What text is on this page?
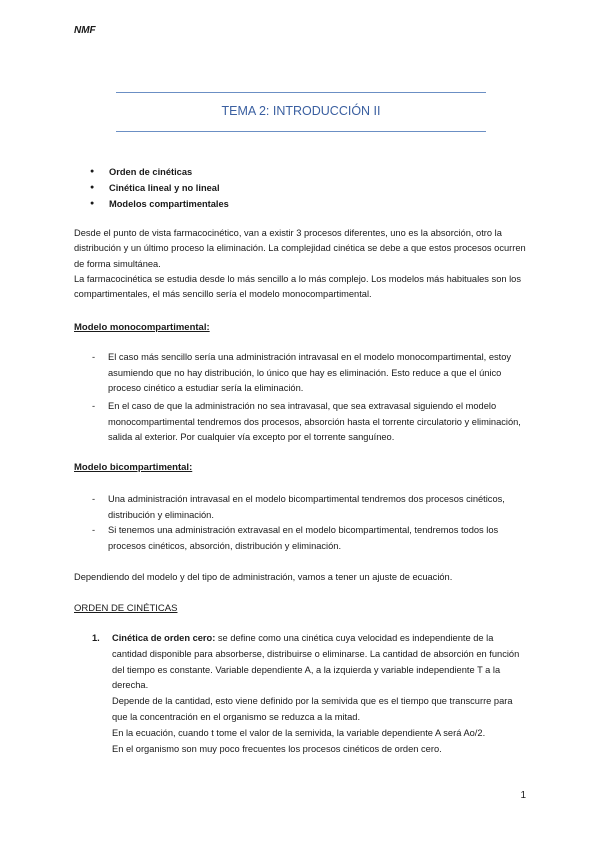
NMF
TEMA 2: INTRODUCCIÓN II
● Orden de cinéticas
● Cinética lineal y no lineal
● Modelos compartimentales

Desde el punto de vista farmacocinético, van a existir 3 procesos diferentes, uno es la absorción, otro la distribución y un último proceso la eliminación. La complejidad cinética se debe a que estos procesos ocurren de forma simultánea.

La farmacocinética se estudia desde lo más sencillo a lo más complejo. Los modelos más habituales son los compartimentales, el más sencillo sería el modelo monocompartimental.

Modelo monocompartimental:
- El caso más sencillo sería una administración intravasal en el modelo monocompartimental, estoy asumiendo que no hay distribución, lo único que hay es eliminación. Esto reduce a que el único proceso cinético a estudiar sería la eliminación.
- En el caso de que la administración no sea intravasal, que sea extravasal siguiendo el modelo monocompartimental tendremos dos procesos, absorción hasta el torrente circulatorio y eliminación, salida al exterior. Por cualquier vía excepto por el torrente sanguíneo.
Modelo bicompartimental:
- Una administración intravasal en el modelo bicompartimental tendremos dos procesos cinéticos, distribución y eliminación.
- Si tenemos una administración extravasal en el modelo bicompartimental, tendremos todos los procesos cinéticos, absorción, distribución y eliminación.

Dependiendo del modelo y del tipo de administración, vamos a tener un ajuste de ecuación.

ORDEN DE CINÉTICAS
1. Cinética de orden cero: se define como una cinética cuya velocidad es independiente de la cantidad disponible para absorberse, distribuirse o eliminarse. La cantidad de absorción en función del tiempo es constante. Variable dependiente A, a la izquierda y variable independiente T a la derecha.
Depende de la cantidad, esto viene definido por la semivida que es el tiempo que transcurre para que la concentración en el organismo se reduzca a la mitad.
En la ecuación, cuando t tome el valor de la semivida, la variable dependiente A será Ao/2.
En el organismo son muy poco frecuentes los procesos cinéticos de orden cero.
1
